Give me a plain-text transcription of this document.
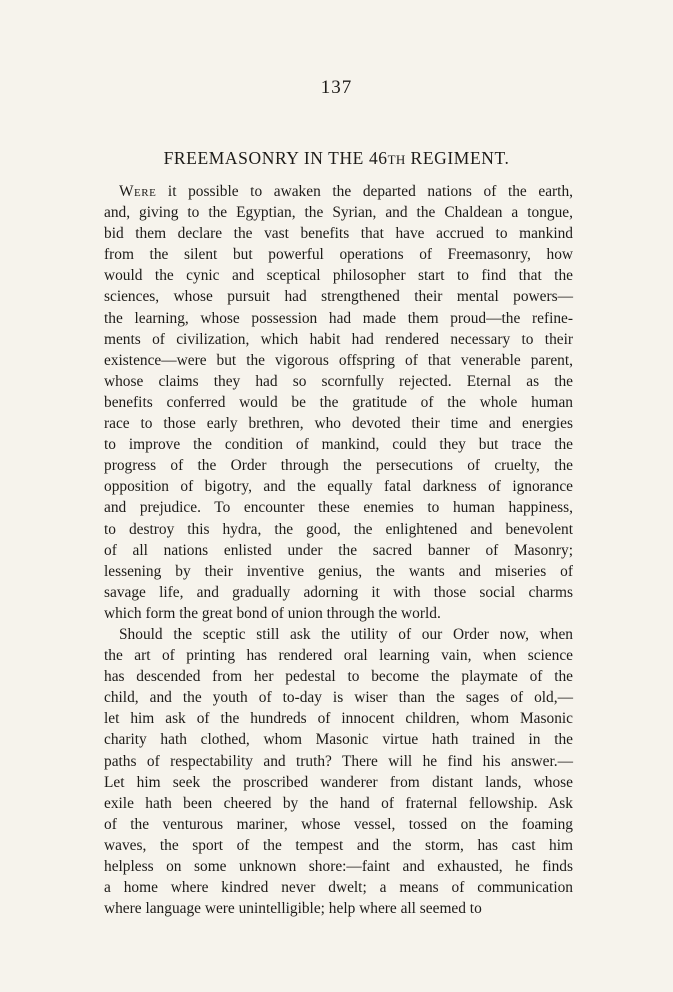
137
FREEMASONRY IN THE 46TH REGIMENT.
Were it possible to awaken the departed nations of the earth,
and, giving to the Egyptian, the Syrian, and the Chaldean a tongue,
bid them declare the vast benefits that have accrued to mankind
from the silent but powerful operations of Freemasonry, how
would the cynic and sceptical philosopher start to find that the
sciences, whose pursuit had strengthened their mental powers—
the learning, whose possession had made them proud—the refine-
ments of civilization, which habit had rendered necessary to their
existence—were but the vigorous offspring of that venerable parent,
whose claims they had so scornfully rejected. Eternal as the
benefits conferred would be the gratitude of the whole human
race to those early brethren, who devoted their time and energies
to improve the condition of mankind, could they but trace the
progress of the Order through the persecutions of cruelty, the
opposition of bigotry, and the equally fatal darkness of ignorance
and prejudice. To encounter these enemies to human happiness,
to destroy this hydra, the good, the enlightened and benevolent
of all nations enlisted under the sacred banner of Masonry;
lessening by their inventive genius, the wants and miseries of
savage life, and gradually adorning it with those social charms
which form the great bond of union through the world.
Should the sceptic still ask the utility of our Order now, when
the art of printing has rendered oral learning vain, when science
has descended from her pedestal to become the playmate of the
child, and the youth of to-day is wiser than the sages of old,—
let him ask of the hundreds of innocent children, whom Masonic
charity hath clothed, whom Masonic virtue hath trained in the
paths of respectability and truth? There will he find his answer.—
Let him seek the proscribed wanderer from distant lands, whose
exile hath been cheered by the hand of fraternal fellowship. Ask
of the venturous mariner, whose vessel, tossed on the foaming
waves, the sport of the tempest and the storm, has cast him
helpless on some unknown shore:—faint and exhausted, he finds
a home where kindred never dwelt; a means of communication
where language were unintelligible; help where all seemed to
